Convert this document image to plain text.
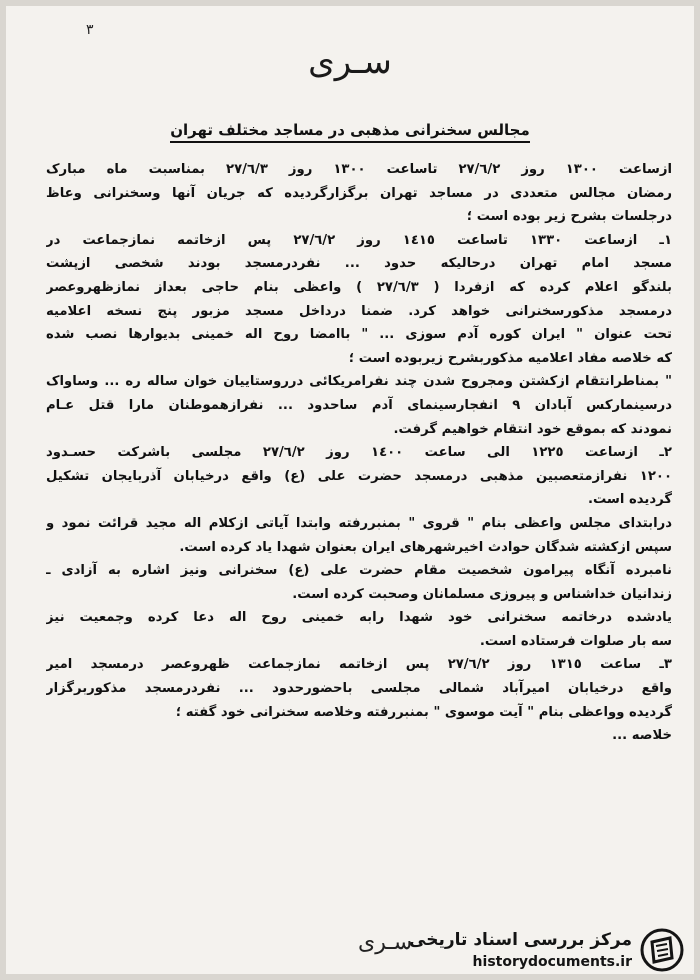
٣
سـری
مجالس سخنرانی مذهبی در مساجد مختلف تهران
ازساعت ١٣٠٠ روز ٢٧/٦/٢ تاساعت ١٣٠٠ روز ٢٧/٦/٣ بمناسبت ماه مبارک
رمضان مجالس متعددی در مساجد تهران برگزارگردیده که جریان آنها وسخنرانی وعاظ
درجلسات بشرح زیر بوده است ؛
١ـ ازساعت ١٣٣٠ تاساعت ١٤١٥ روز ٢٧/٦/٢ پس ازخاتمه نمازجماعت در
مسجد امام تهران درحالیکه حدود ... نفردرمسجد بودند شخصی ازپشت
بلندگو اعلام کرده که ازفردا ( ٢٧/٦/٣ ) واعظی بنام حاجی بعداز نمازظهروعصر
درمسجد مذکورسخنرانی خواهد کرد. ضمنا درداخل مسجد مزبور پنج نسخه اعلامیه
تحت عنوان " ایران کوره آدم سوزی ... " باامضا روح اله خمینی بدیوارها نصب شده
که خلاصه مفاد اعلامیه مذکوربشرح زیربوده است ؛
" بمناطرانتقام ازکشتن ومجروح شدن چند نفرامریکائی درروستاییان خوان ساله ره ... وساواک
درسینمارکس آبادان ٩ انفجارسینمای آدم ساحدود ... نفرازهموطنان مارا قتل عـام
نمودند که بموقع خود انتقام خواهیم گرفت.
٢ـ ازساعت ١٢٢٥ الی ساعت ١٤٠٠ روز ٢٧/٦/٢ مجلسی باشرکت حسـدود
١٢٠٠ نفرازمتعصبین مذهبی درمسجد حضرت علی (ع) واقع درخیابان آذربایجان تشکیل
گردیده است.
درابتدای مجلس واعظی بنام " قروی " بمنبررفته وابتدا آیاتی ازکلام اله مجید قرائت نمود و
سپس ازکشته شدگان حوادث اخیرشهرهای ایران بعنوان شهدا یاد کرده است.
نامبرده آنگاه پیرامون شخصیت مقام حضرت علی (ع) سخنرانی ونیز اشاره به آزادی ـ
زندانیان خداشناس و پیروزی مسلمانان وصحبت کرده است.
یادشده درخاتمه سخنرانی خود شهدا رابه خمینی روح اله دعا کرده وجمعیت نیز
سه بار صلوات فرستاده است.
٣ـ ساعت ١٣١٥ روز ٢٧/٦/٢ پس ازخاتمه نمازجماعت ظهروعصر درمسجد امیر
واقع درخیابان امیرآباد شمالی مجلسی باحضورحدود ... نفردرمسجد مذکوربرگزار
گردیده وواعظی بنام " آیت موسوی " بمنبررفته وخلاصه سخنرانی خود گفته ؛
خلاصه ...
سـری
مرکز بررسی اسناد تاریخی
historydocuments.ir
